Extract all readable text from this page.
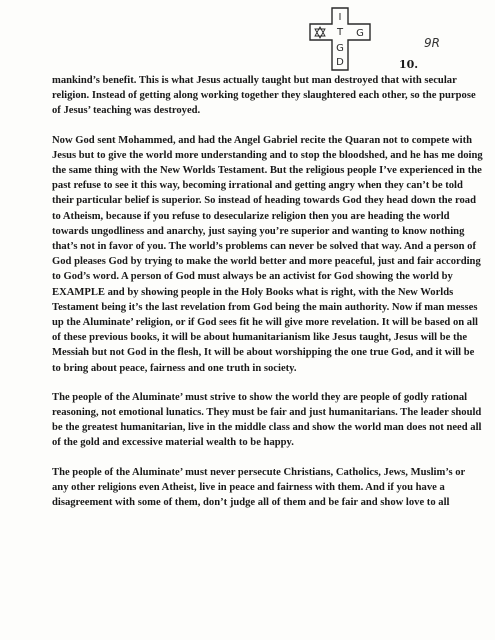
I
T
G
D
G
9R
10.

mankind’s benefit. This is what Jesus actually taught but man destroyed that with secular religion. Instead of getting along working together they slaughtered each other, so the purpose of Jesus’ teaching was destroyed.

Now God sent Mohammed, and had the Angel Gabriel recite the Quaran not to compete with Jesus but to give the world more understanding and to stop the bloodshed, and he has me doing the same thing with the New Worlds Testament. But the religious people I’ve experienced in the past refuse to see it this way, becoming irrational and getting angry when they can’t be told their particular belief is superior. So instead of heading towards God they head down the road to Atheism, because if you refuse to desecularize religion then you are heading the world towards ungodliness and anarchy, just saying you’re superior and wanting to know nothing that’s not in favor of you. The world’s problems can never be solved that way. And a person of God pleases God by trying to make the world better and more peaceful, just and fair according to God’s word. A person of God must always be an activist for God showing the world by EXAMPLE and by showing people in the Holy Books what is right, with the New Worlds Testament being it’s the last revelation from God being the main authority. Now if man messes up the Aluminate’ religion, or if God sees fit he will give more revelation. It will be based on all of these previous books, it will be about humanitarianism like Jesus taught, Jesus will be the Messiah but not God in the flesh, It will be about worshipping the one true God, and it will be to bring about peace, fairness and one truth in society.

The people of the Aluminate’ must strive to show the world they are people of godly rational reasoning, not emotional lunatics. They must be fair and just humanitarians. The leader should be the greatest humanitarian, live in the middle class and show the world man does not need all of the gold and excessive material wealth to be happy.

The people of the Aluminate’ must never persecute Christians, Catholics, Jews, Muslim’s or any other religions even Atheist, live in peace and fairness with them. And if you have a disagreement with some of them, don’t judge all of them and be fair and show love to all
